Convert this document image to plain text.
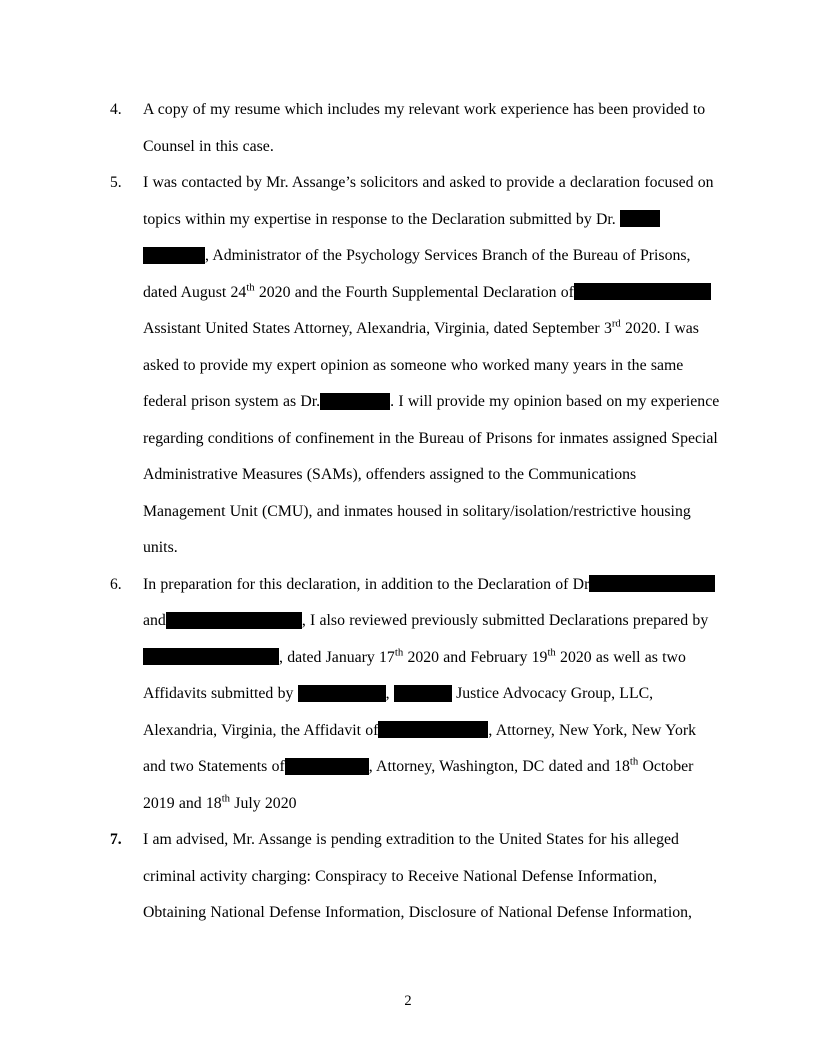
4.	A copy of my resume which includes my relevant work experience has been provided to Counsel in this case.
5.	I was contacted by Mr. Assange’s solicitors and asked to provide a declaration focused on topics within my expertise in response to the Declaration submitted by Dr.
, Administrator of the Psychology Services Branch of the Bureau of Prisons, dated August 24th 2020 and the Fourth Supplemental Declaration ofAssistant United States Attorney, Alexandria, Virginia, dated September 3rd 2020. I was asked to provide my expert opinion as someone who worked many years in the same federal prison system as Dr.	. I will provide my opinion based on my experience regarding conditions of confinement in the Bureau of Prisons for inmates assigned Special Administrative Measures (SAMs), offenders assigned to the Communications Management Unit (CMU), and inmates housed in solitary/isolation/restrictive housing units.
6.	In preparation for this declaration, in addition to the Declaration of Drand	, I also reviewed previously submitted Declarations prepared by , dated January 17th 2020 and February 19th 2020 as well as two Affidavits submitted by	,	Justice Advocacy Group, LLC, Alexandria, Virginia, the Affidavit of	, Attorney, New York, New York and two Statements of	, Attorney, Washington, DC dated and 18th October 2019 and 18th July 2020
7.	I am advised, Mr. Assange is pending extradition to the United States for his alleged criminal activity charging: Conspiracy to Receive National Defense Information, Obtaining National Defense Information, Disclosure of National Defense Information,
2
